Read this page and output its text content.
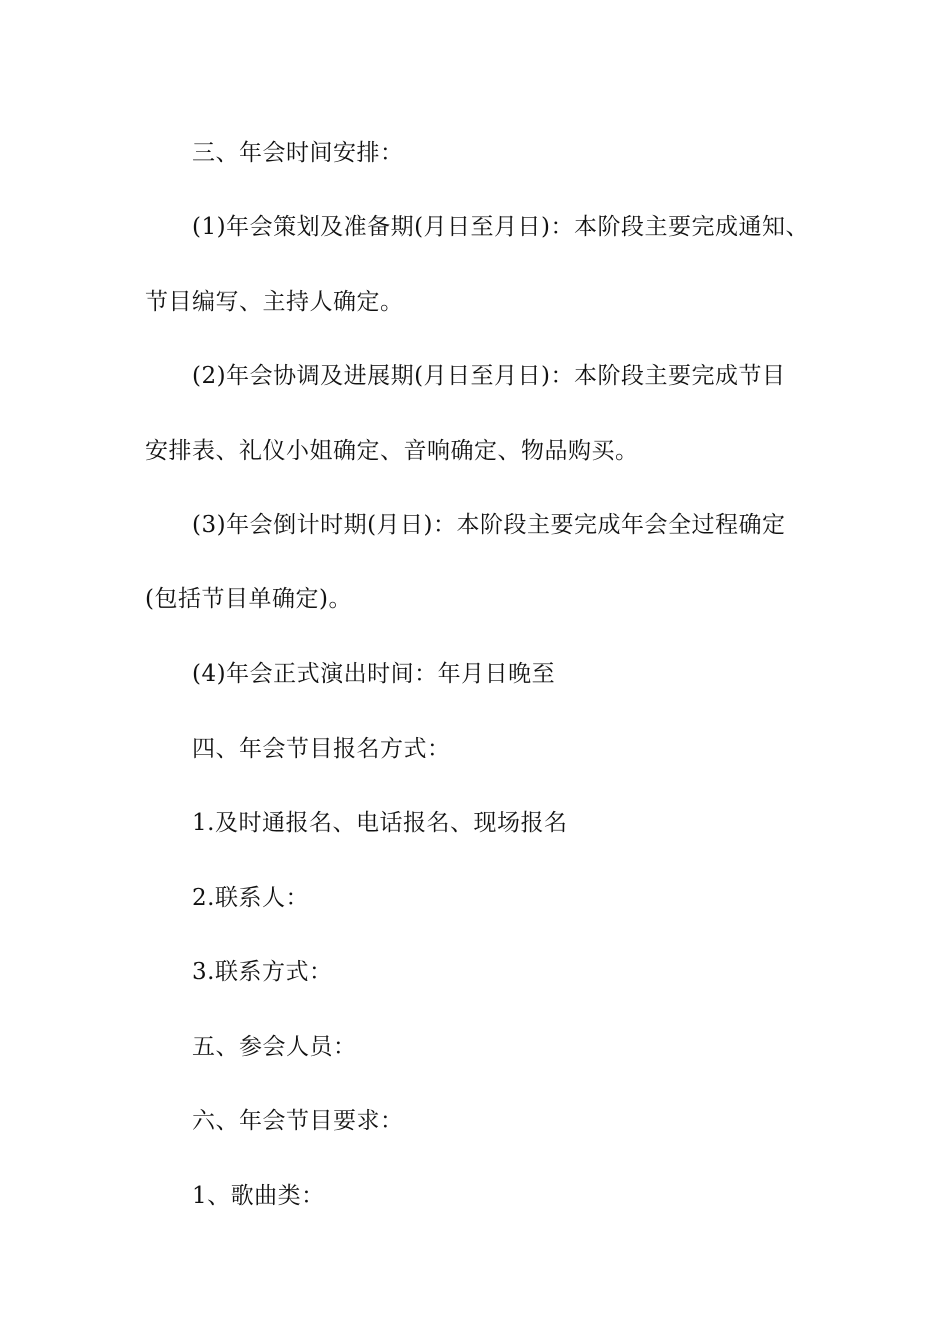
三、年会时间安排：
(1)年会策划及准备期(月日至月日)：本阶段主要完成通知、
节目编写、主持人确定。
(2)年会协调及进展期(月日至月日)：本阶段主要完成节目
安排表、礼仪小姐确定、音响确定、物品购买。
(3)年会倒计时期(月日)：本阶段主要完成年会全过程确定
(包括节目单确定)。
(4)年会正式演出时间：年月日晚至
四、年会节目报名方式：
1.及时通报名、电话报名、现场报名
2.联系人：
3.联系方式：
五、参会人员：
六、年会节目要求：
1、歌曲类：
